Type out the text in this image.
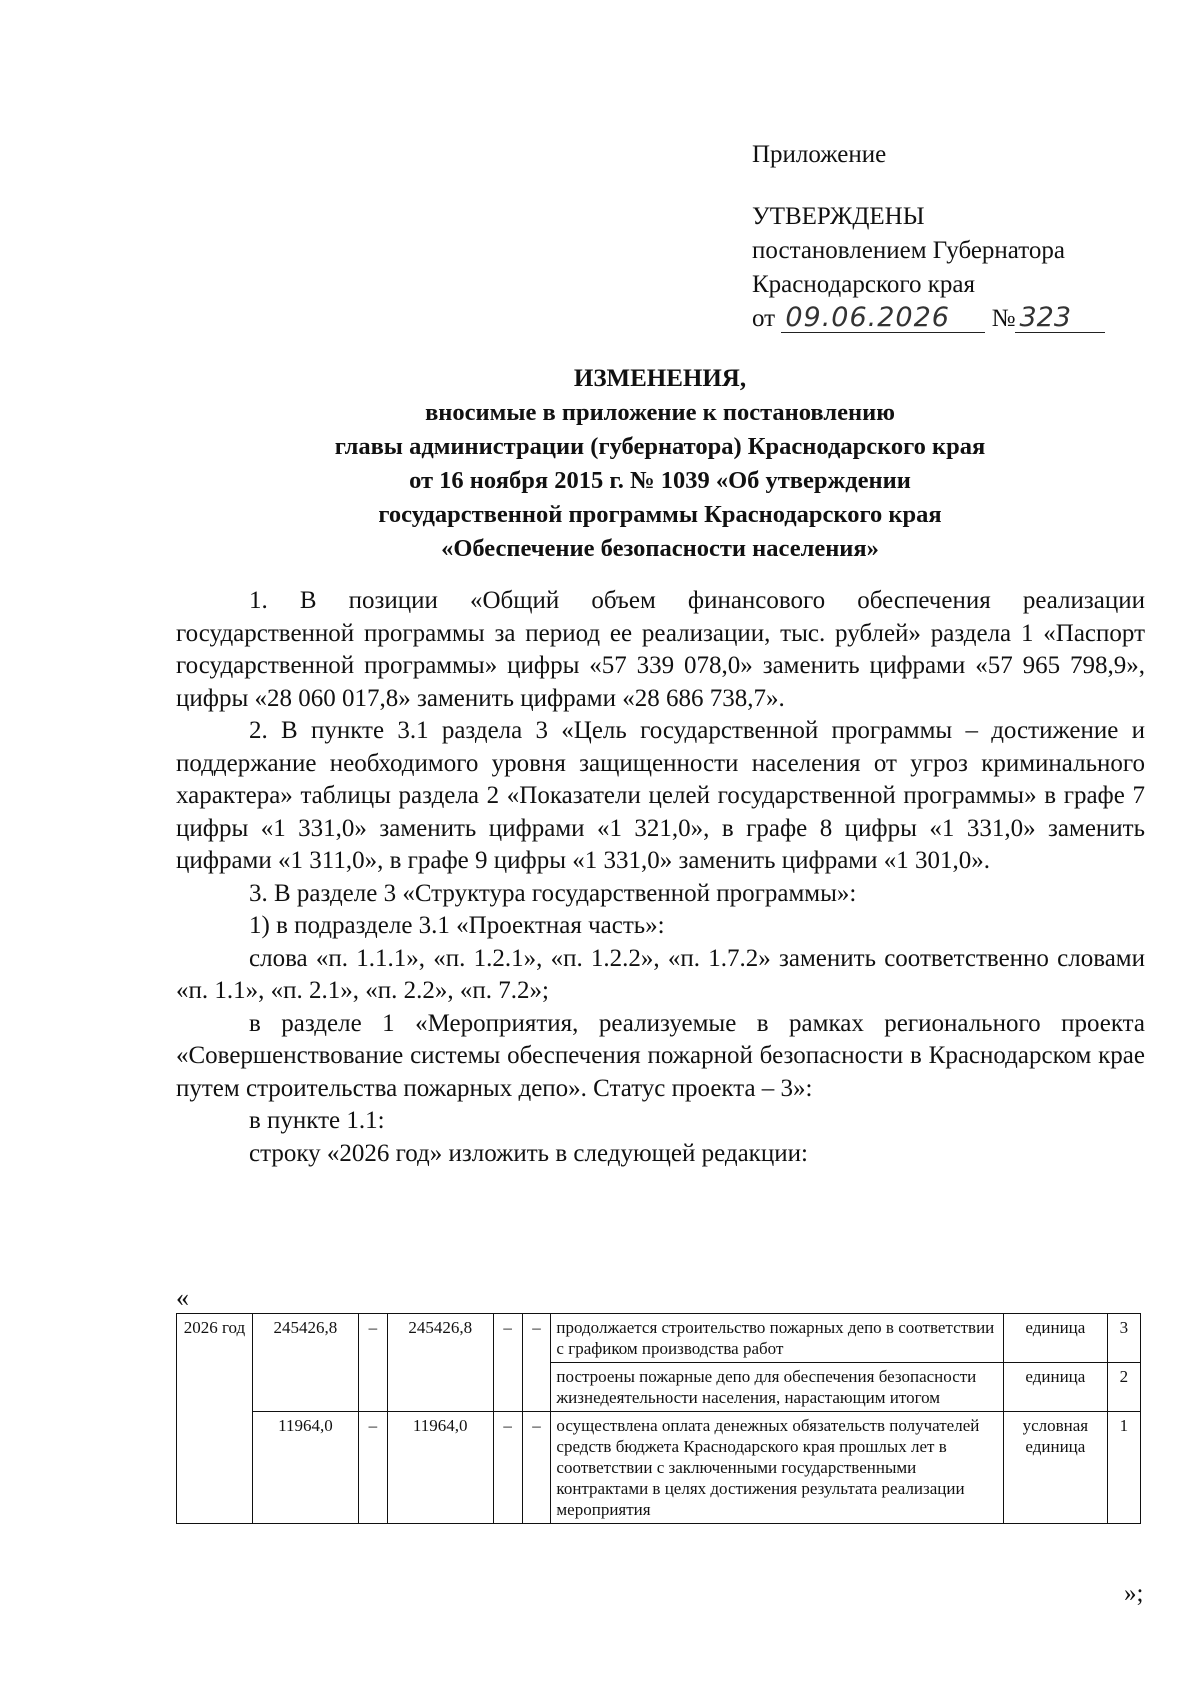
Приложение
УТВЕРЖДЕНЫ
постановлением Губернатора
Краснодарского края
от 09.06.2026 № 323
ИЗМЕНЕНИЯ,
вносимые в приложение к постановлению
главы администрации (губернатора) Краснодарского края
от 16 ноября 2015 г. № 1039 «Об утверждении
государственной программы Краснодарского края
«Обеспечение безопасности населения»

1. В позиции «Общий объем финансового обеспечения реализации государственной программы за период ее реализации, тыс. рублей» раздела 1 «Паспорт государственной программы» цифры «57 339 078,0» заменить цифрами «57 965 798,9», цифры «28 060 017,8» заменить цифрами «28 686 738,7».

2. В пункте 3.1 раздела 3 «Цель государственной программы – достижение и поддержание необходимого уровня защищенности населения от угроз криминального характера» таблицы раздела 2 «Показатели целей государственной программы» в графе 7 цифры «1 331,0» заменить цифрами «1 321,0», в графе 8 цифры «1 331,0» заменить цифрами «1 311,0», в графе 9 цифры «1 331,0» заменить цифрами «1 301,0».

3. В разделе 3 «Структура государственной программы»:

1) в подразделе 3.1 «Проектная часть»:

слова «п. 1.1.1», «п. 1.2.1», «п. 1.2.2», «п. 1.7.2» заменить соответственно словами «п. 1.1», «п. 2.1», «п. 2.2», «п. 7.2»;

в разделе 1 «Мероприятия, реализуемые в рамках регионального проекта «Совершенствование системы обеспечения пожарной безопасности в Краснодарском крае путем строительства пожарных депо». Статус проекта – 3»:

в пункте 1.1:

строку «2026 год» изложить в следующей редакции:

«
2026 год	245426,8	–	245426,8	–	–	продолжается строительство пожарных депо в соответствии с графиком производства работ	единица	3
						построены пожарные депо для обеспечения безопасности жизнедеятельности населения, нарастающим итогом	единица	2
	11964,0	–	11964,0	–	–	осуществлена оплата денежных обязательств получателей средств бюджета Краснодарского края прошлых лет в соответствии с заключенными государственными контрактами в целях достижения результата реализации мероприятия	условная единица	1
»;
